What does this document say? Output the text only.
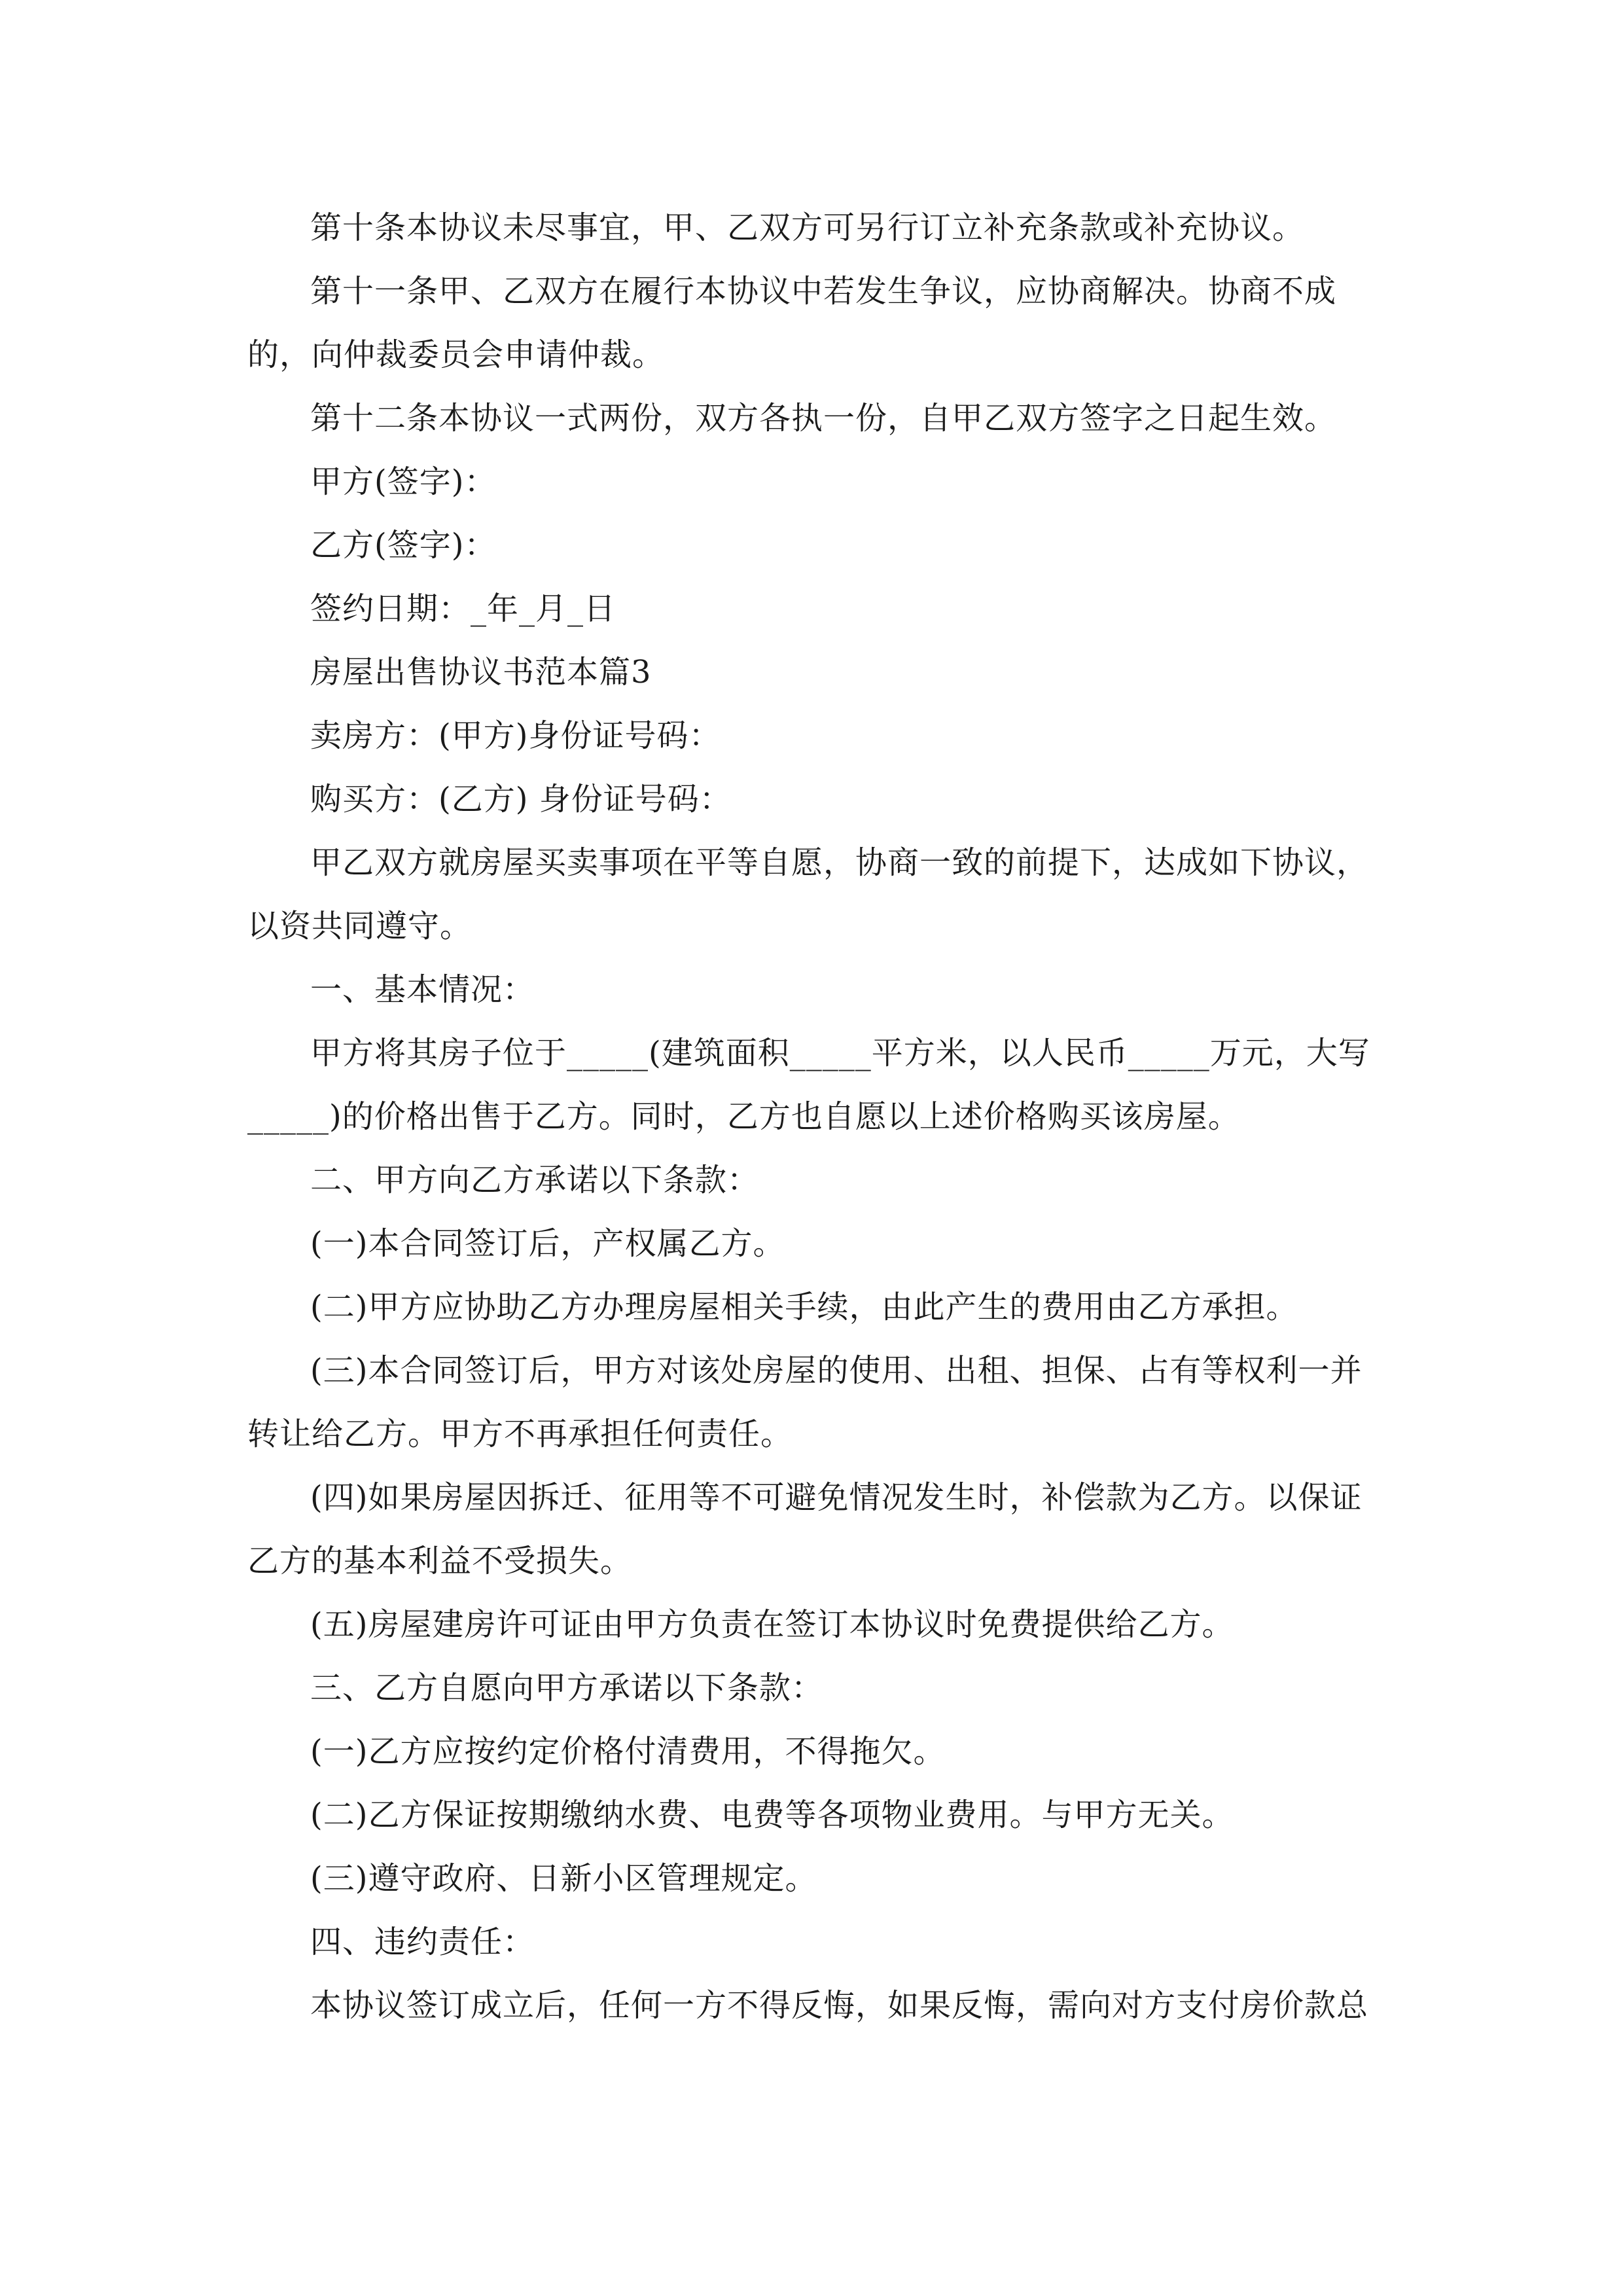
第十条本协议未尽事宜，甲、乙双方可另行订立补充条款或补充协议。

第十一条甲、乙双方在履行本协议中若发生争议，应协商解决。协商不成的，向仲裁委员会申请仲裁。

第十二条本协议一式两份，双方各执一份，自甲乙双方签字之日起生效。

甲方(签字)：

乙方(签字)：

签约日期：_年_月_日

房屋出售协议书范本篇3

卖房方：(甲方)身份证号码：

购买方：(乙方) 身份证号码：

甲乙双方就房屋买卖事项在平等自愿，协商一致的前提下，达成如下协议，以资共同遵守。

一、基本情况：

甲方将其房子位于_____(建筑面积_____平方米，以人民币_____万元，大写_____)的价格出售于乙方。同时，乙方也自愿以上述价格购买该房屋。

二、甲方向乙方承诺以下条款：

(一)本合同签订后，产权属乙方。

(二)甲方应协助乙方办理房屋相关手续，由此产生的费用由乙方承担。

(三)本合同签订后，甲方对该处房屋的使用、出租、担保、占有等权利一并转让给乙方。甲方不再承担任何责任。

(四)如果房屋因拆迁、征用等不可避免情况发生时，补偿款为乙方。以保证乙方的基本利益不受损失。

(五)房屋建房许可证由甲方负责在签订本协议时免费提供给乙方。

三、乙方自愿向甲方承诺以下条款：

(一)乙方应按约定价格付清费用，不得拖欠。

(二)乙方保证按期缴纳水费、电费等各项物业费用。与甲方无关。

(三)遵守政府、日新小区管理规定。

四、违约责任：

本协议签订成立后，任何一方不得反悔，如果反悔，需向对方支付房价款总
